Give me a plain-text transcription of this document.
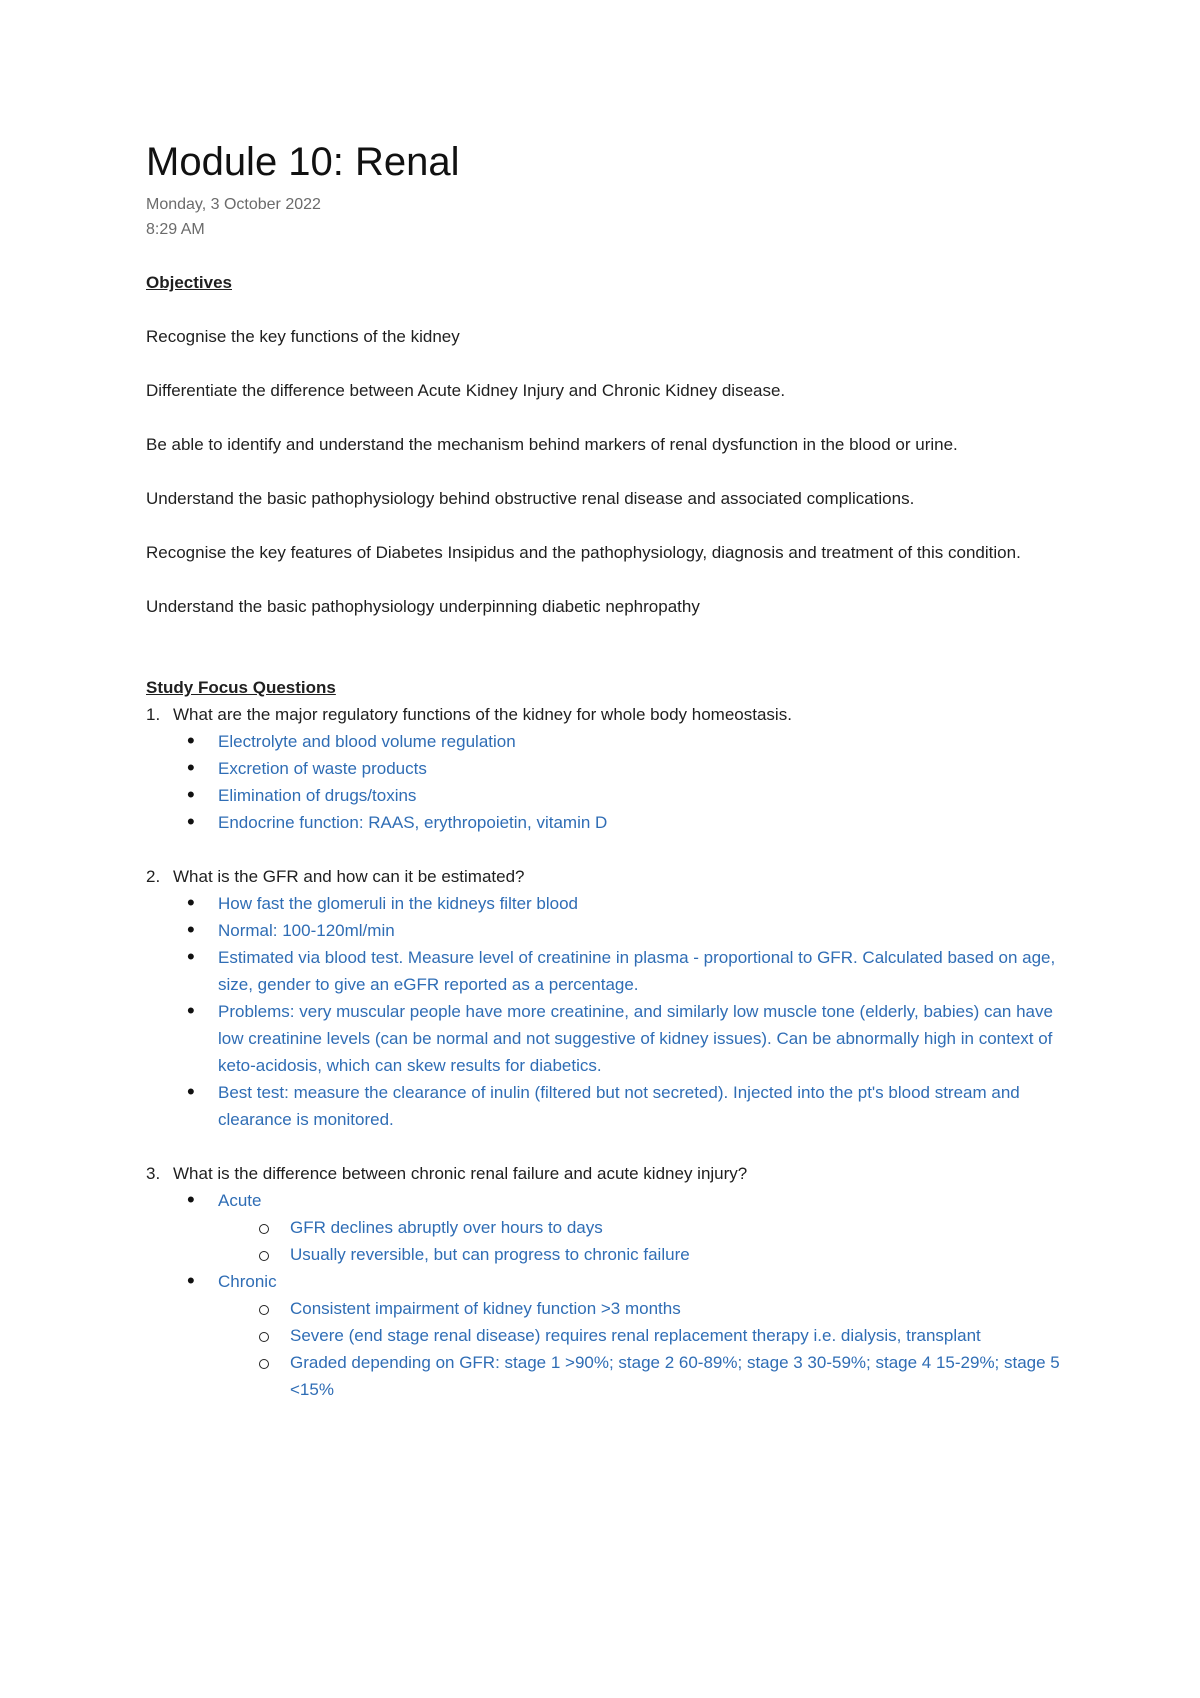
Module 10: Renal
Monday, 3 October 2022
8:29 AM

Objectives

Recognise the key functions of the kidney

Differentiate the difference between Acute Kidney Injury and Chronic Kidney disease.

Be able to identify and understand the mechanism behind markers of renal dysfunction in the blood or urine.

Understand the basic pathophysiology behind obstructive renal disease and associated complications.

Recognise the key features of Diabetes Insipidus and the pathophysiology, diagnosis and treatment of this condition.

Understand the basic pathophysiology underpinning diabetic nephropathy

Study Focus Questions

1. What are the major regulatory functions of the kidney for whole body homeostasis.
• Electrolyte and blood volume regulation
• Excretion of waste products
• Elimination of drugs/toxins
• Endocrine function: RAAS, erythropoietin, vitamin D
2. What is the GFR and how can it be estimated?
• How fast the glomeruli in the kidneys filter blood
• Normal: 100-120ml/min
• Estimated via blood test. Measure level of creatinine in plasma - proportional to GFR. Calculated based on age, size, gender to give an eGFR reported as a percentage.
• Problems: very muscular people have more creatinine, and similarly low muscle tone (elderly, babies) can have low creatinine levels (can be normal and not suggestive of kidney issues). Can be abnormally high in context of keto-acidosis, which can skew results for diabetics.
• Best test: measure the clearance of inulin (filtered but not secreted). Injected into the pt's blood stream and clearance is monitored.
3. What is the difference between chronic renal failure and acute kidney injury?
• Acute
GFR declines abruptly over hours to days
Usually reversible, but can progress to chronic failure
• Chronic
Consistent impairment of kidney function >3 months
Severe (end stage renal disease) requires renal replacement therapy i.e. dialysis, transplant
Graded depending on GFR: stage 1 >90%; stage 2 60-89%; stage 3 30-59%; stage 4 15-29%; stage 5 <15%
